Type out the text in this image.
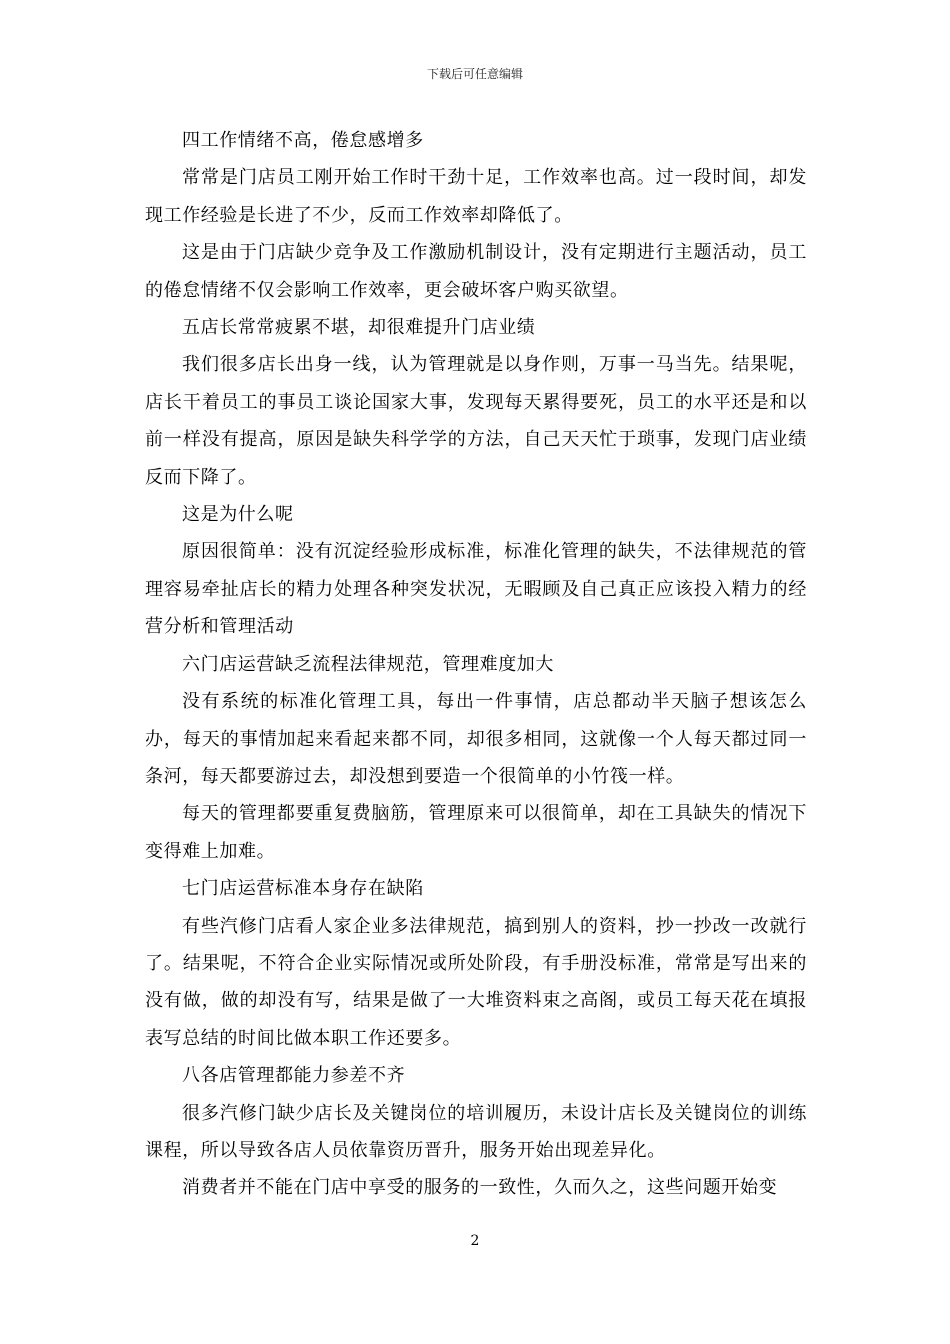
下载后可任意编辑

四工作情绪不高，倦怠感增多

常常是门店员工刚开始工作时干劲十足，工作效率也高。过一段时间，却发现工作经验是长进了不少，反而工作效率却降低了。

这是由于门店缺少竞争及工作激励机制设计，没有定期进行主题活动，员工的倦怠情绪不仅会影响工作效率，更会破坏客户购买欲望。

五店长常常疲累不堪，却很难提升门店业绩

我们很多店长出身一线，认为管理就是以身作则，万事一马当先。结果呢，店长干着员工的事员工谈论国家大事，发现每天累得要死，员工的水平还是和以前一样没有提高，原因是缺失科学学的方法，自己天天忙于琐事，发现门店业绩反而下降了。

这是为什么呢

原因很简单：没有沉淀经验形成标准，标准化管理的缺失，不法律规范的管理容易牵扯店长的精力处理各种突发状况，无暇顾及自己真正应该投入精力的经营分析和管理活动

六门店运营缺乏流程法律规范，管理难度加大

没有系统的标准化管理工具，每出一件事情，店总都动半天脑子想该怎么办，每天的事情加起来看起来都不同，却很多相同，这就像一个人每天都过同一条河，每天都要游过去，却没想到要造一个很简单的小竹筏一样。

每天的管理都要重复费脑筋，管理原来可以很简单，却在工具缺失的情况下变得难上加难。

七门店运营标准本身存在缺陷

有些汽修门店看人家企业多法律规范，搞到别人的资料，抄一抄改一改就行了。结果呢，不符合企业实际情况或所处阶段，有手册没标准，常常是写出来的没有做，做的却没有写，结果是做了一大堆资料束之高阁，或员工每天花在填报表写总结的时间比做本职工作还要多。

八各店管理都能力参差不齐

很多汽修门缺少店长及关键岗位的培训履历，未设计店长及关键岗位的训练课程，所以导致各店人员依靠资历晋升，服务开始出现差异化。

消费者并不能在门店中享受的服务的一致性，久而久之，这些问题开始变

2
